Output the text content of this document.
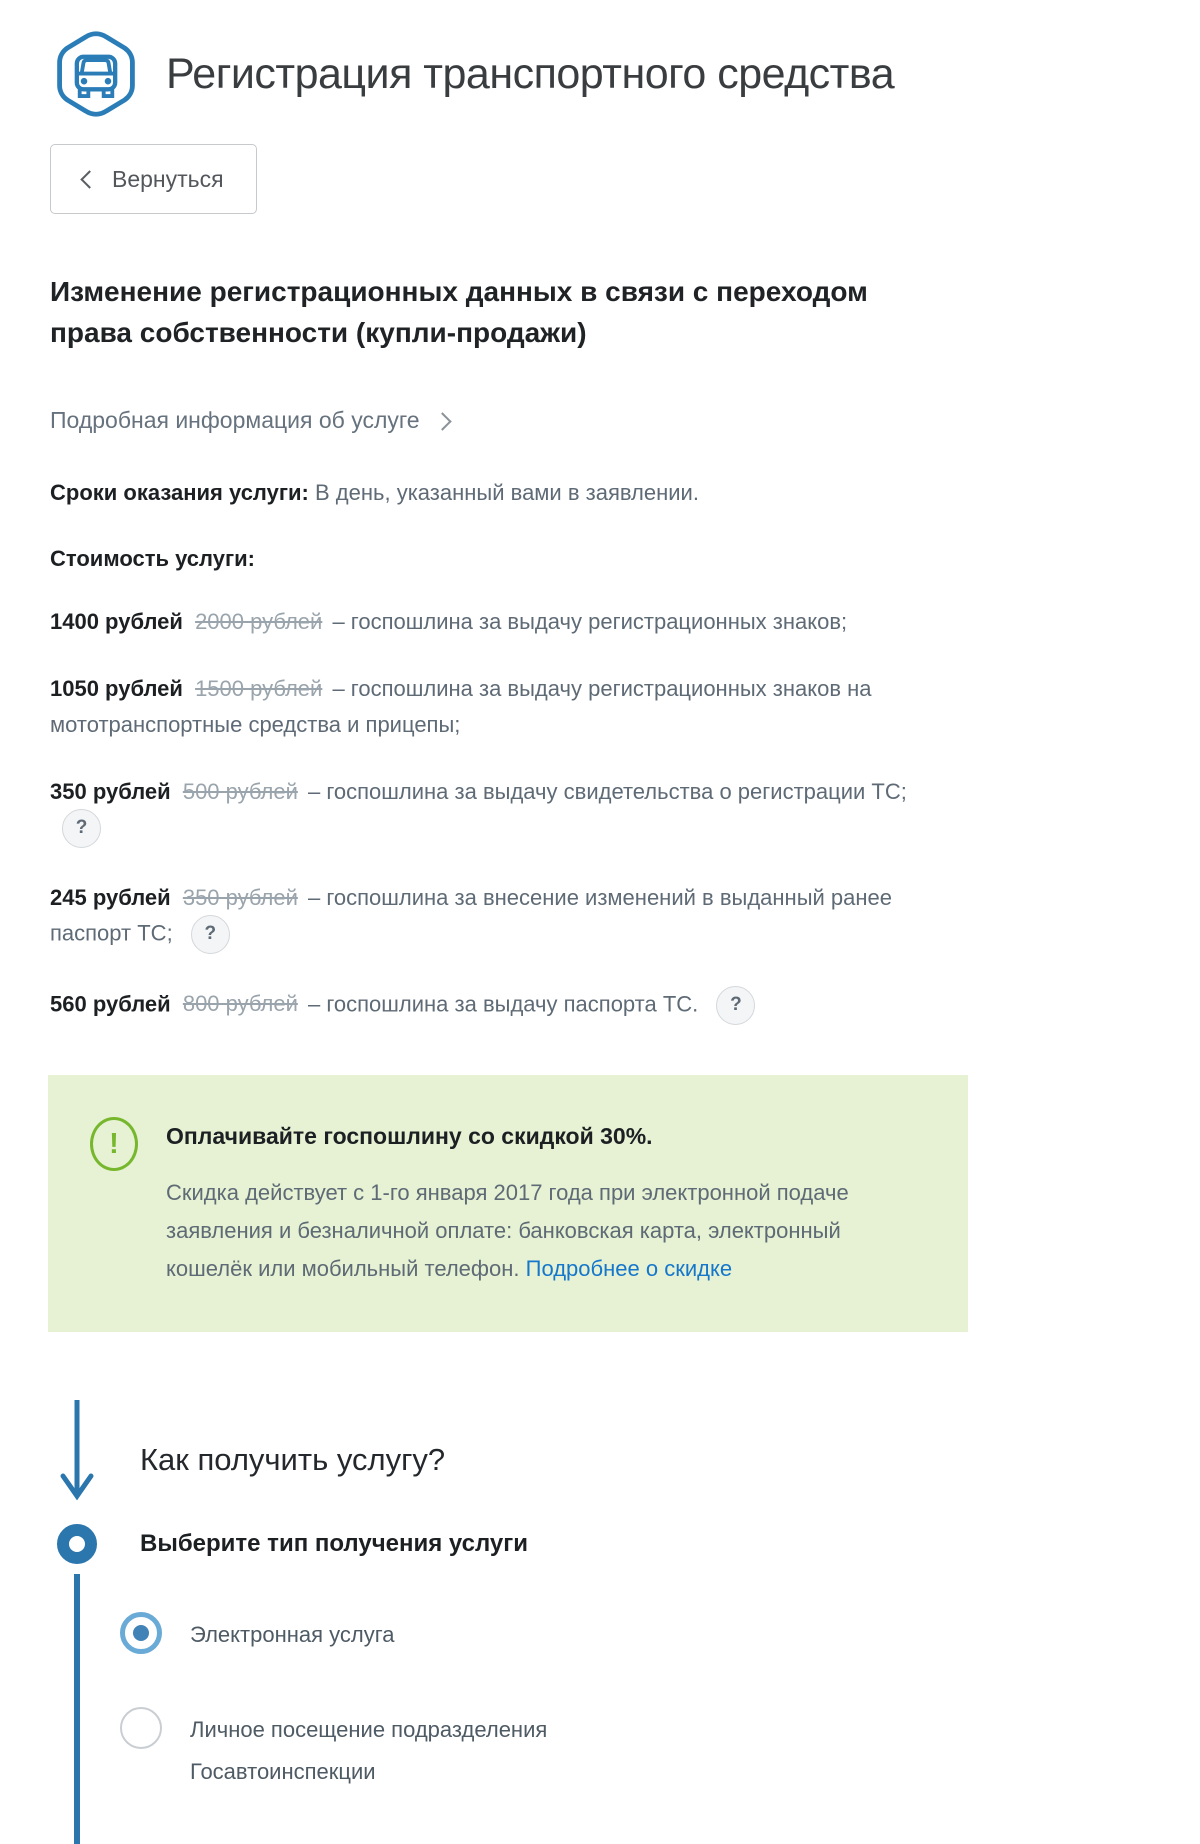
Регистрация транспортного средства
Вернуться
Изменение регистрационных данных в связи с переходом права собственности (купли-продажи)
Подробная информация об услуге

Сроки оказания услуги: В день, указанный вами в заявлении.

Стоимость услуги:

1400 рублей 2000 рублей – госпошлина за выдачу регистрационных знаков;

1050 рублей 1500 рублей – госпошлина за выдачу регистрационных знаков на мототранспортные средства и прицепы;

350 рублей 500 рублей – госпошлина за выдачу свидетельства о регистрации ТС; ?

245 рублей 350 рублей – госпошлина за внесение изменений в выданный ранее паспорт ТС; ?

560 рублей 800 рублей – госпошлина за выдачу паспорта ТС. ?

!	Оплачивайте госпошлину со скидкой 30%.

Скидка действует с 1-го января 2017 года при электронной подаче заявления и безналичной оплате: банковская карта, электронный кошелёк или мобильный телефон. Подробнее о скидке

Как получить услугу?
Выберите тип получения услуги
Электронная услуга
Личное посещение подразделения Госавтоинспекции
